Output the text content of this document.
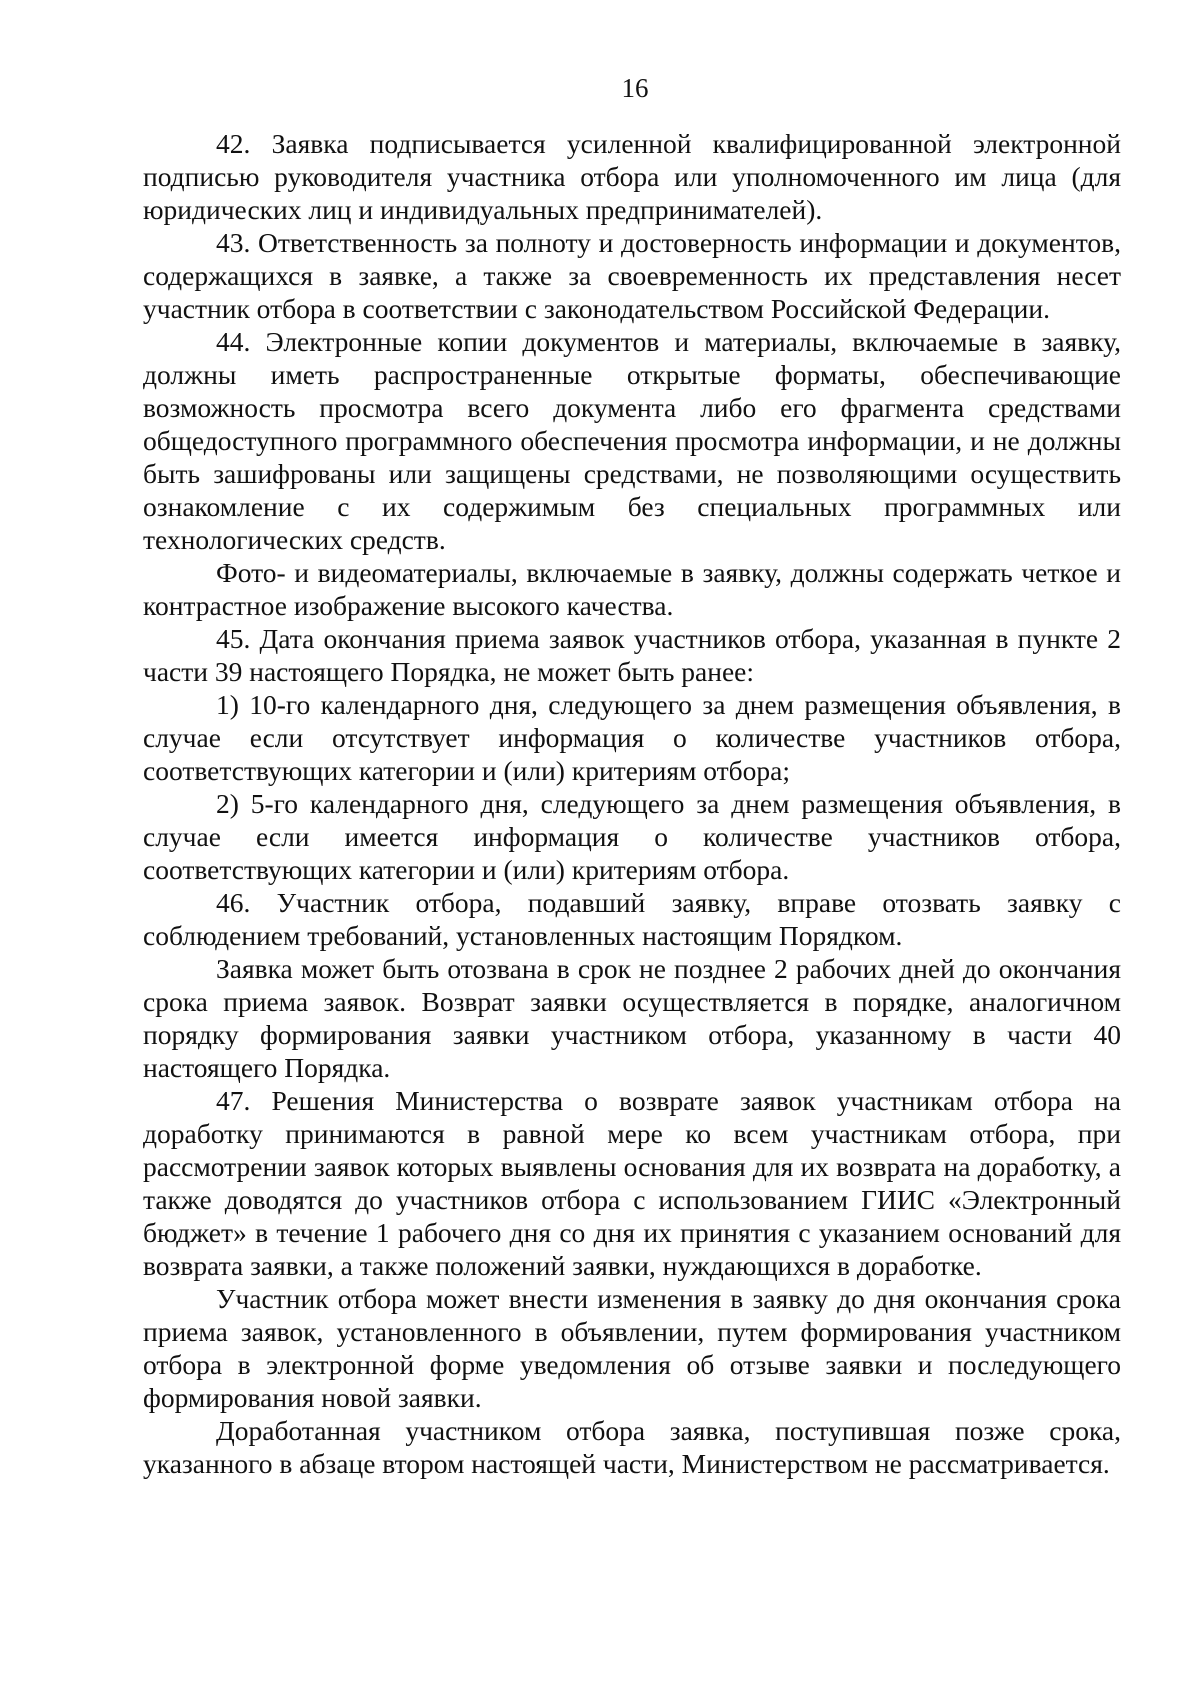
16

42. Заявка подписывается усиленной квалифицированной электронной подписью руководителя участника отбора или уполномоченного им лица (для юридических лиц и индивидуальных предпринимателей).

43. Ответственность за полноту и достоверность информации и документов, содержащихся в заявке, а также за своевременность их представления несет участник отбора в соответствии с законодательством Российской Федерации.

44. Электронные копии документов и материалы, включаемые в заявку, должны иметь распространенные открытые форматы, обеспечивающие возможность просмотра всего документа либо его фрагмента средствами общедоступного программного обеспечения просмотра информации, и не должны быть зашифрованы или защищены средствами, не позволяющими осуществить ознакомление с их содержимым без специальных программных или технологических средств.

Фото- и видеоматериалы, включаемые в заявку, должны содержать четкое и контрастное изображение высокого качества.

45. Дата окончания приема заявок участников отбора, указанная в пункте 2 части 39 настоящего Порядка, не может быть ранее:

1) 10-го календарного дня, следующего за днем размещения объявления, в случае если отсутствует информация о количестве участников отбора, соответствующих категории и (или) критериям отбора;

2) 5-го календарного дня, следующего за днем размещения объявления, в случае если имеется информация о количестве участников отбора, соответствующих категории и (или) критериям отбора.

46. Участник отбора, подавший заявку, вправе отозвать заявку с соблюдением требований, установленных настоящим Порядком.

Заявка может быть отозвана в срок не позднее 2 рабочих дней до окончания срока приема заявок. Возврат заявки осуществляется в порядке, аналогичном порядку формирования заявки участником отбора, указанному в части 40 настоящего Порядка.

47. Решения Министерства о возврате заявок участникам отбора на доработку принимаются в равной мере ко всем участникам отбора, при рассмотрении заявок которых выявлены основания для их возврата на доработку, а также доводятся до участников отбора с использованием ГИИС «Электронный бюджет» в течение 1 рабочего дня со дня их принятия с указанием оснований для возврата заявки, а также положений заявки, нуждающихся в доработке.

Участник отбора может внести изменения в заявку до дня окончания срока приема заявок, установленного в объявлении, путем формирования участником отбора в электронной форме уведомления об отзыве заявки и последующего формирования новой заявки.

Доработанная участником отбора заявка, поступившая позже срока, указанного в абзаце втором настоящей части, Министерством не рассматривается.
